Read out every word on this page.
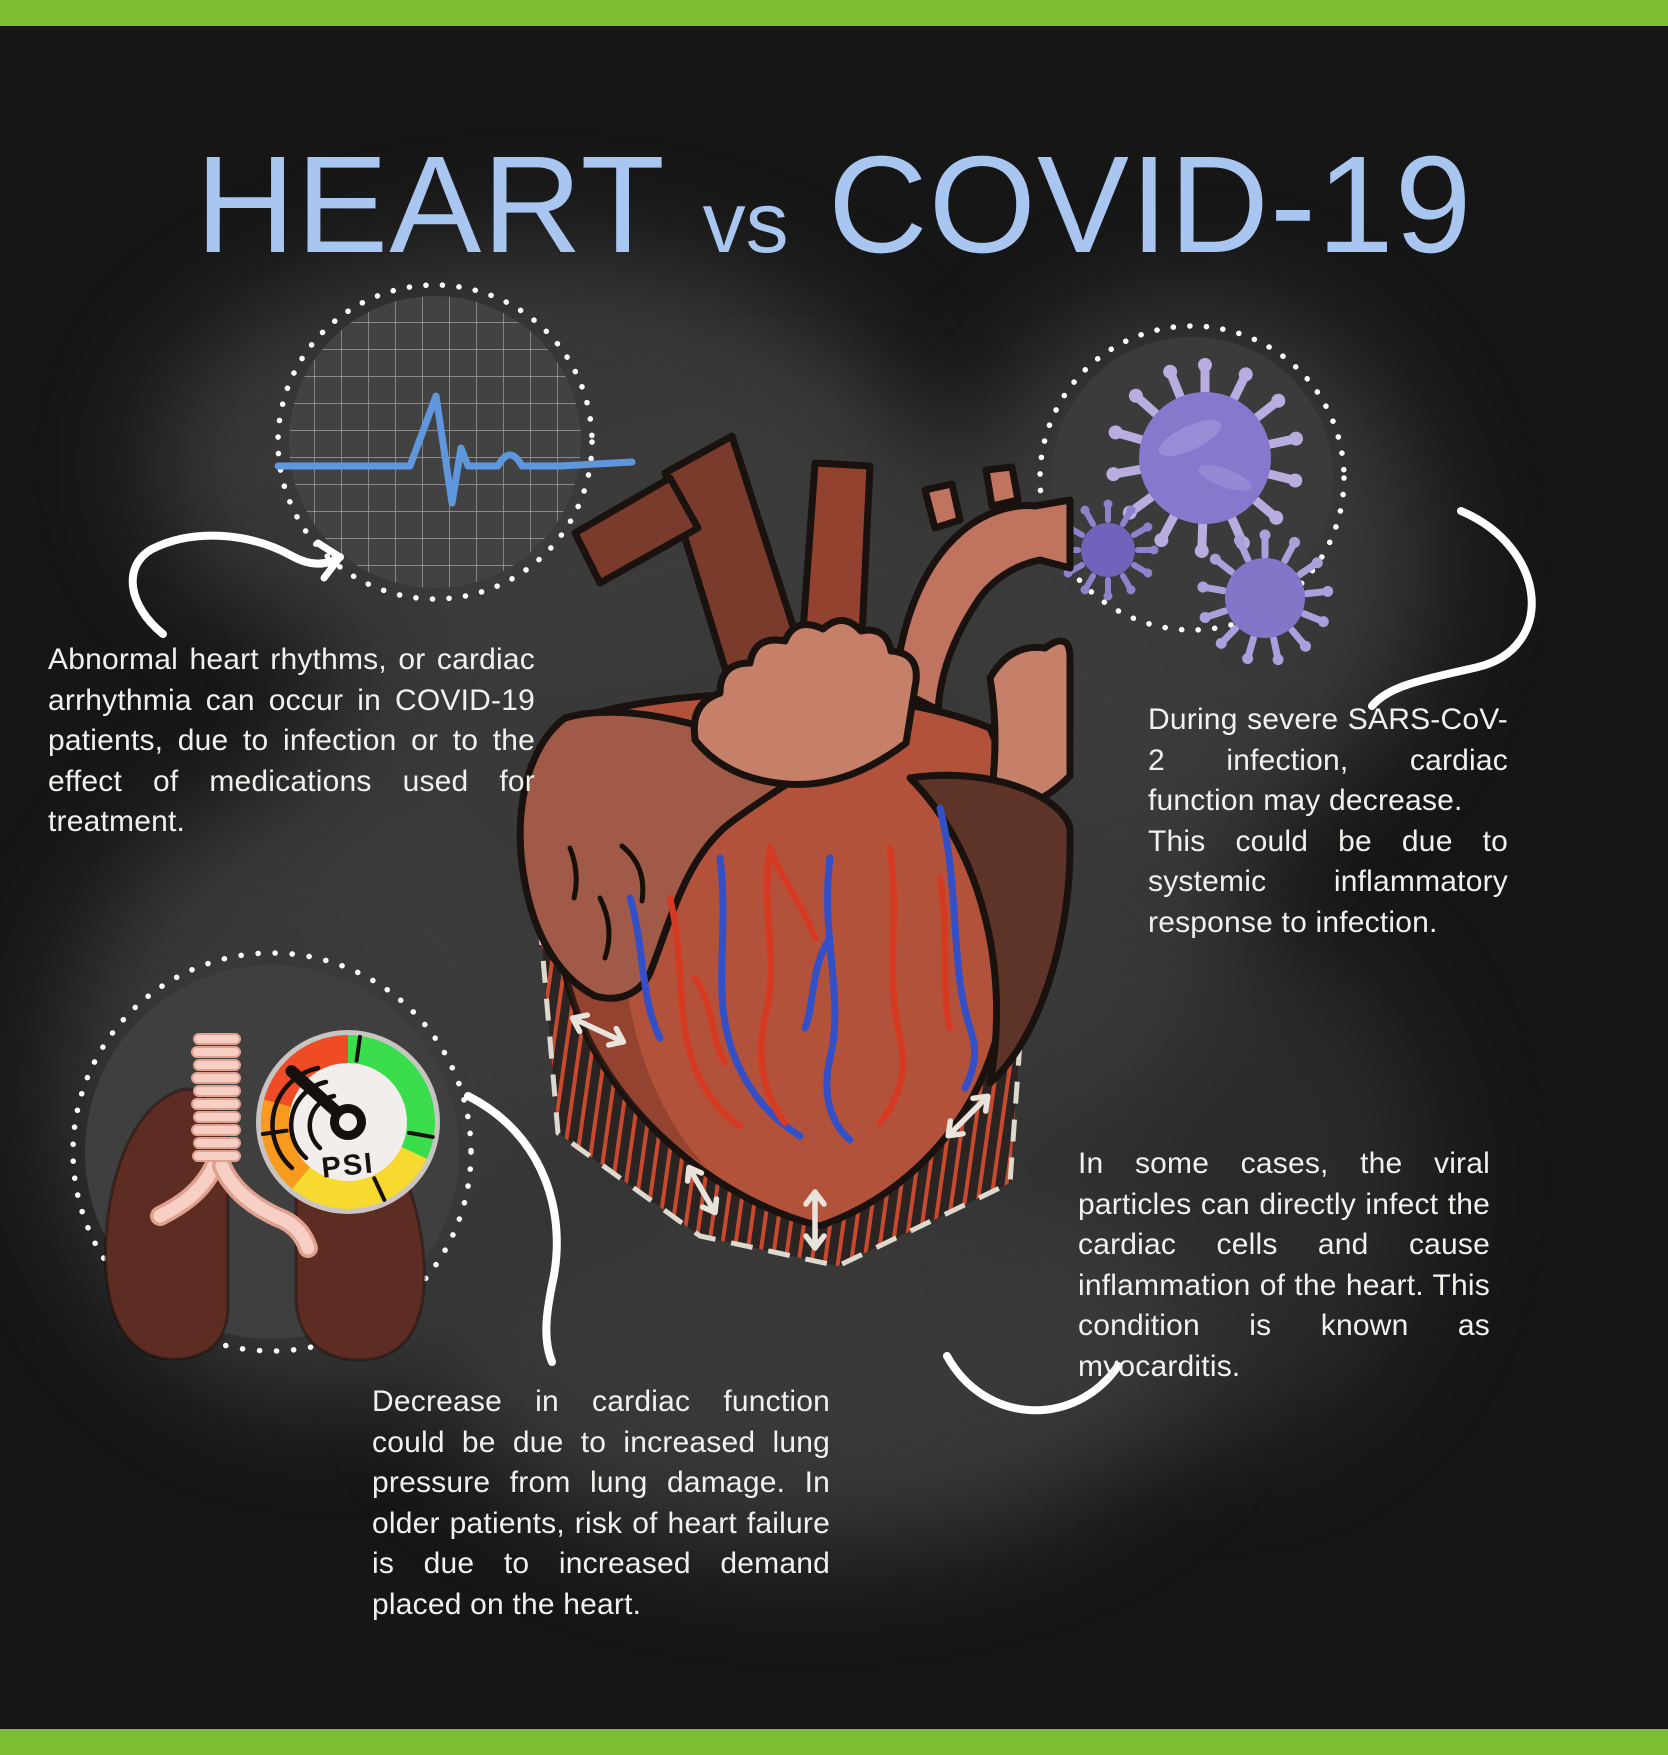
HEART vs COVID-19
PSI

Abnormal heart rhythms, or cardiac arrhythmia can occur in COVID-19 patients, due to infection or to the effect of medications used for treatment.

During severe SARS-CoV-2 infection, cardiac function may decrease.

This could be due to systemic inflammatory response to infection.

In some cases, the viral particles can directly infect the cardiac cells and cause inflammation of the heart. This condition is known as myocarditis.

Decrease in cardiac function could be due to increased lung pressure from lung damage. In older patients, risk of heart failure is due to increased demand placed on the heart.
